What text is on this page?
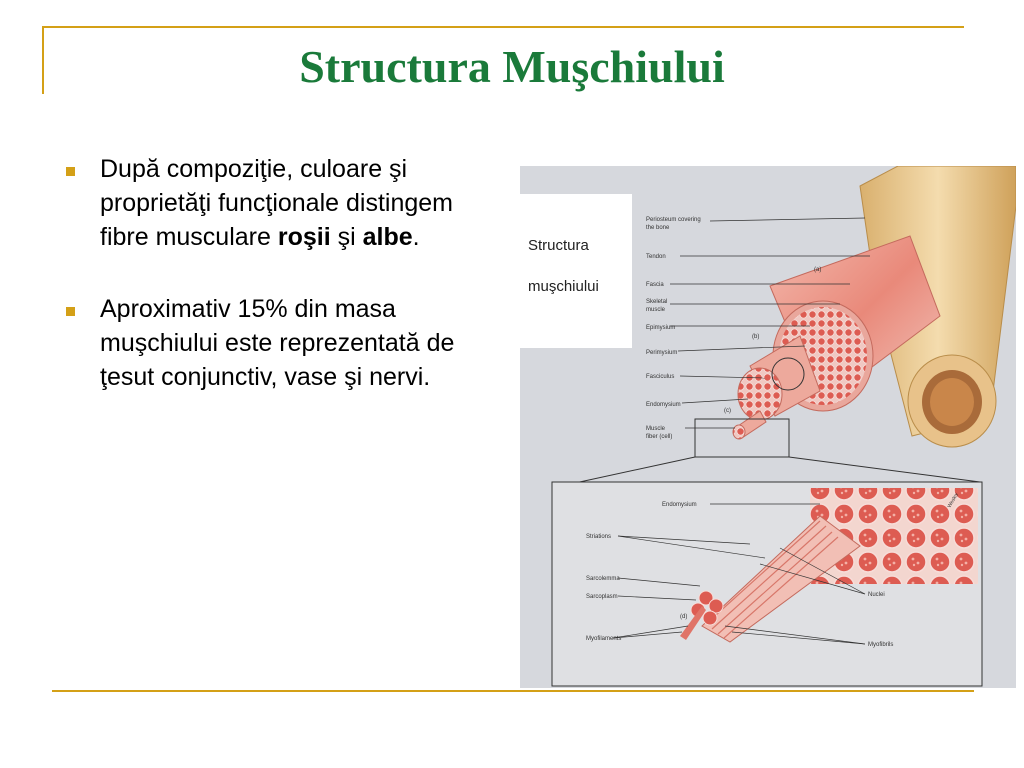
Structura Muşchiului
După compoziţie, culoare şi proprietăţi funcţionale distingem fibre musculare roşii şi albe.
Aproximativ 15% din masa muşchiului este reprezentată de ţesut conjunctiv, vase şi nervi.
Structura
muşchiului
Periosteum covering
the bone
Tendon
(a)
Fascia
Skeletal
muscle
Epimysium
(b)
Perimysium
Fasciculus
(c)
Endomysium
Muscle
fiber (cell)
Endomysium
Striations
Sarcolemma
Sarcoplasm
(d)
Nuclei
Myofilaments
Myofibrils
Wesley
